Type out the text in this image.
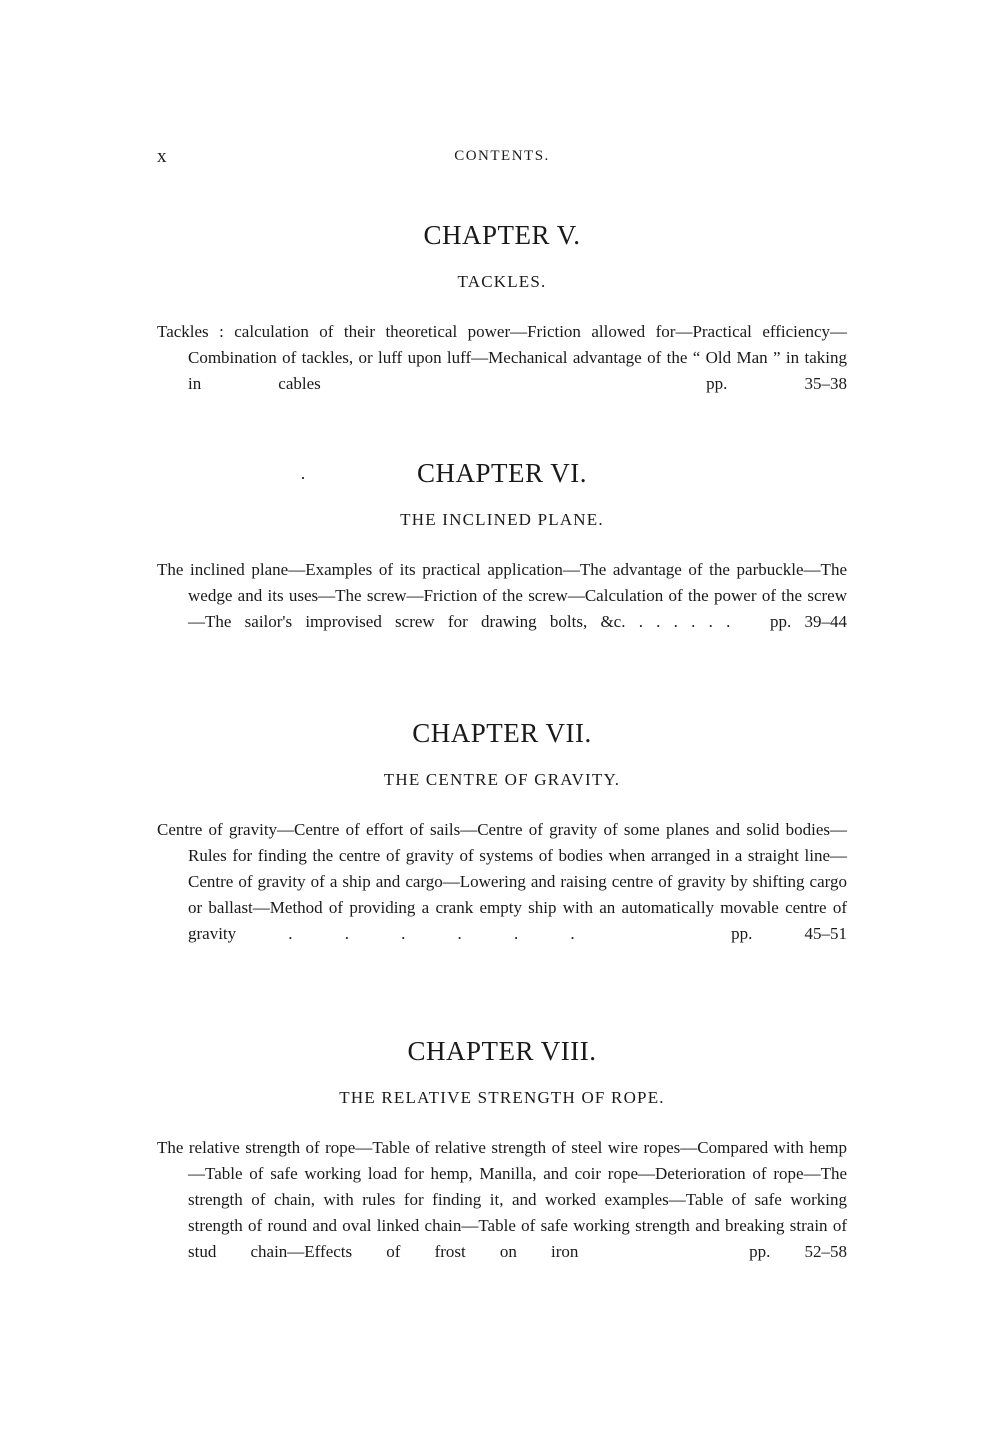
x	CONTENTS.
CHAPTER V.
TACKLES.
Tackles : calculation of their theoretical power—Friction allowed for—Practical efficiency—Combination of tackles, or luff upon luff—Mechanical advantage of the “ Old Man ” in taking in cables	pp. 35–38
CHAPTER VI.
THE INCLINED PLANE.
The inclined plane—Examples of its practical application—The advantage of the parbuckle—The wedge and its uses—The screw—Friction of the screw—Calculation of the power of the screw—The sailor's improvised screw for drawing bolts, &c. . . . . . . pp. 39–44
CHAPTER VII.
THE CENTRE OF GRAVITY.
Centre of gravity—Centre of effort of sails—Centre of gravity of some planes and solid bodies—Rules for finding the centre of gravity of systems of bodies when arranged in a straight line—Centre of gravity of a ship and cargo—Lowering and raising centre of gravity by shifting cargo or ballast—Method of providing a crank empty ship with an automatically movable centre of gravity . . . . . .	pp. 45–51
CHAPTER VIII.
THE RELATIVE STRENGTH OF ROPE.
The relative strength of rope—Table of relative strength of steel wire ropes—Compared with hemp—Table of safe working load for hemp, Manilla, and coir rope—Deterioration of rope—The strength of chain, with rules for finding it, and worked examples—Table of safe working strength of round and oval linked chain—Table of safe working strength and breaking strain of stud chain—Effects of frost on iron	pp. 52–58
·
